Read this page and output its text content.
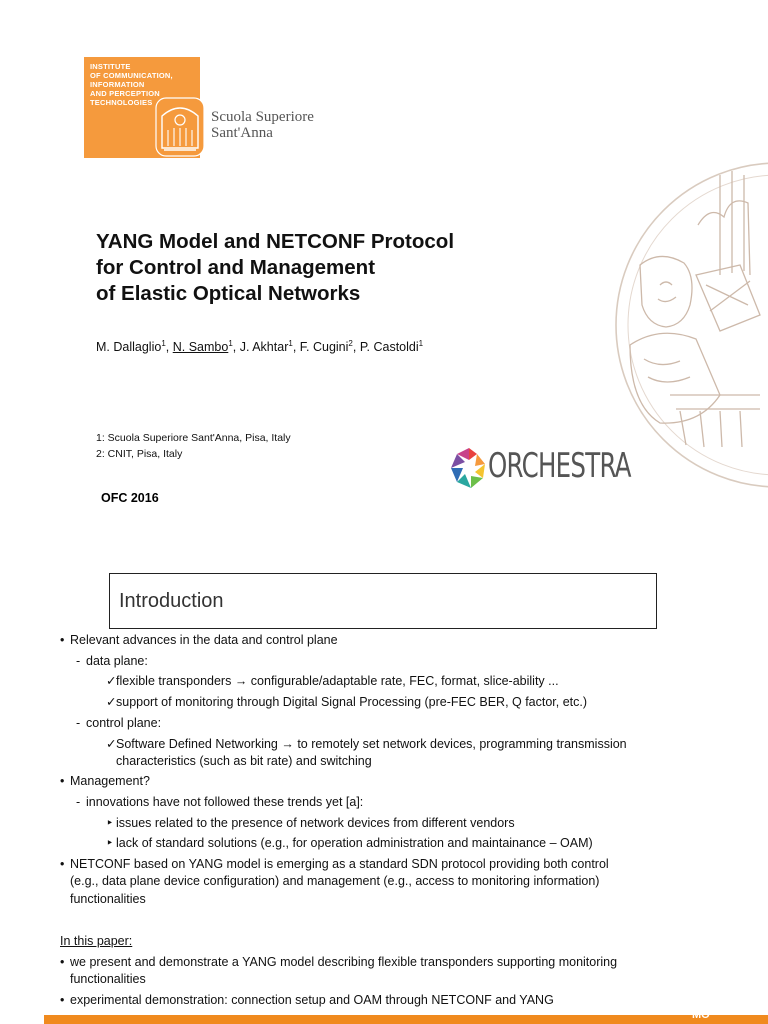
INSTITUTE
OF COMMUNICATION,
INFORMATION
AND PERCEPTION
TECHNOLOGIES
Scuola Superiore
Sant'Anna
YANG Model and NETCONF Protocol
for Control and Management
of Elastic Optical Networks
M. Dallaglio$^1$, N. Sambo$^1$, J. Akhtar$^1$, F. Cugini$^2$, P. Castoldi$^1$
1: Scuola Superiore Sant'Anna, Pisa, Italy
2: CNIT, Pisa, Italy	ORCHESTRA
OFC 2016
Introduction
• Relevant advances in the data and control plane
- data plane:
✓flexible transponders → configurable/adaptable rate, FEC, format, slice-ability ...
✓support of monitoring through Digital Signal Processing (pre-FEC BER, Q factor, etc.)
- control plane:
✓Software Defined Networking → to remotely set network devices, programming transmission
characteristics (such as bit rate) and switching
• Management?
- innovations have not followed these trends yet [a]:
‣ issues related to the presence of network devices from different vendors
‣ lack of standard solutions (e.g., for operation administration and maintainance – OAM)
• NETCONF based on YANG model is emerging as a standard SDN protocol providing both control
(e.g., data plane device configuration) and management (e.g., access to monitoring information)
functionalities
In this paper:
• we present and demonstrate a YANG model describing flexible transponders supporting monitoring
functionalities
• experimental demonstration: connection setup and OAM through NETCONF and YANG
MO
